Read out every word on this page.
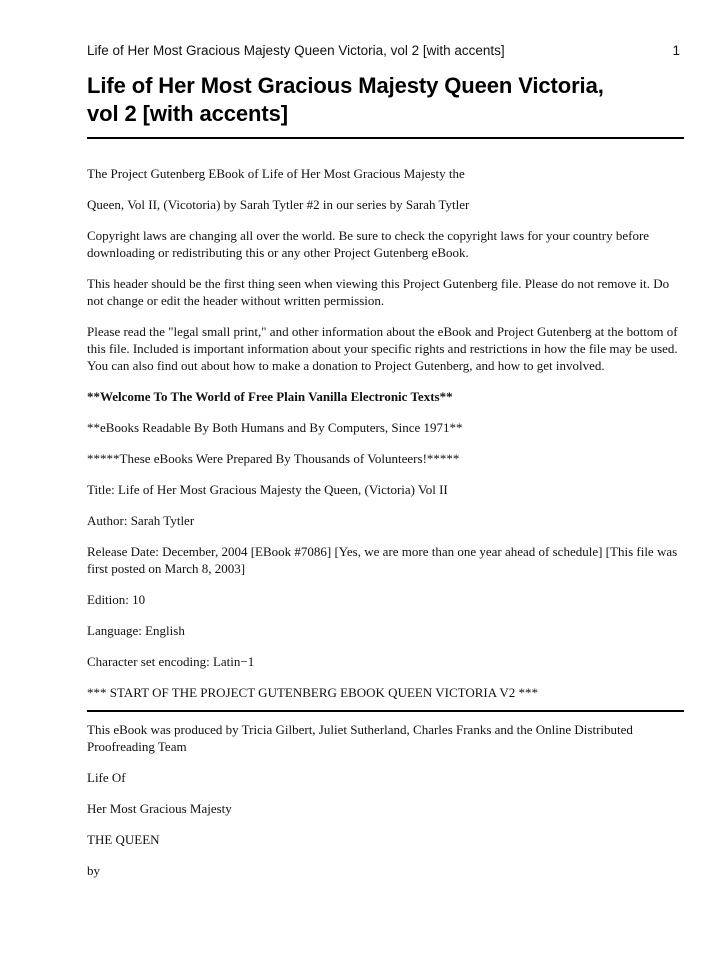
Life of Her Most Gracious Majesty Queen Victoria, vol 2 [with accents]	1
Life of Her Most Gracious Majesty Queen Victoria,
vol 2 [with accents]

The Project Gutenberg EBook of Life of Her Most Gracious Majesty the

Queen, Vol II, (Vicotoria) by Sarah Tytler #2 in our series by Sarah Tytler

Copyright laws are changing all over the world. Be sure to check the copyright laws for your country before downloading or redistributing this or any other Project Gutenberg eBook.

This header should be the first thing seen when viewing this Project Gutenberg file. Please do not remove it. Do not change or edit the header without written permission.

Please read the "legal small print," and other information about the eBook and Project Gutenberg at the bottom of this file. Included is important information about your specific rights and restrictions in how the file may be used. You can also find out about how to make a donation to Project Gutenberg, and how to get involved.

**Welcome To The World of Free Plain Vanilla Electronic Texts**

**eBooks Readable By Both Humans and By Computers, Since 1971**

*****These eBooks Were Prepared By Thousands of Volunteers!*****

Title: Life of Her Most Gracious Majesty the Queen, (Victoria) Vol II

Author: Sarah Tytler

Release Date: December, 2004 [EBook #7086] [Yes, we are more than one year ahead of schedule] [This file was first posted on March 8, 2003]

Edition: 10

Language: English

Character set encoding: Latin−1

*** START OF THE PROJECT GUTENBERG EBOOK QUEEN VICTORIA V2 ***

This eBook was produced by Tricia Gilbert, Juliet Sutherland, Charles Franks and the Online Distributed Proofreading Team

Life Of

Her Most Gracious Majesty

THE QUEEN

by
